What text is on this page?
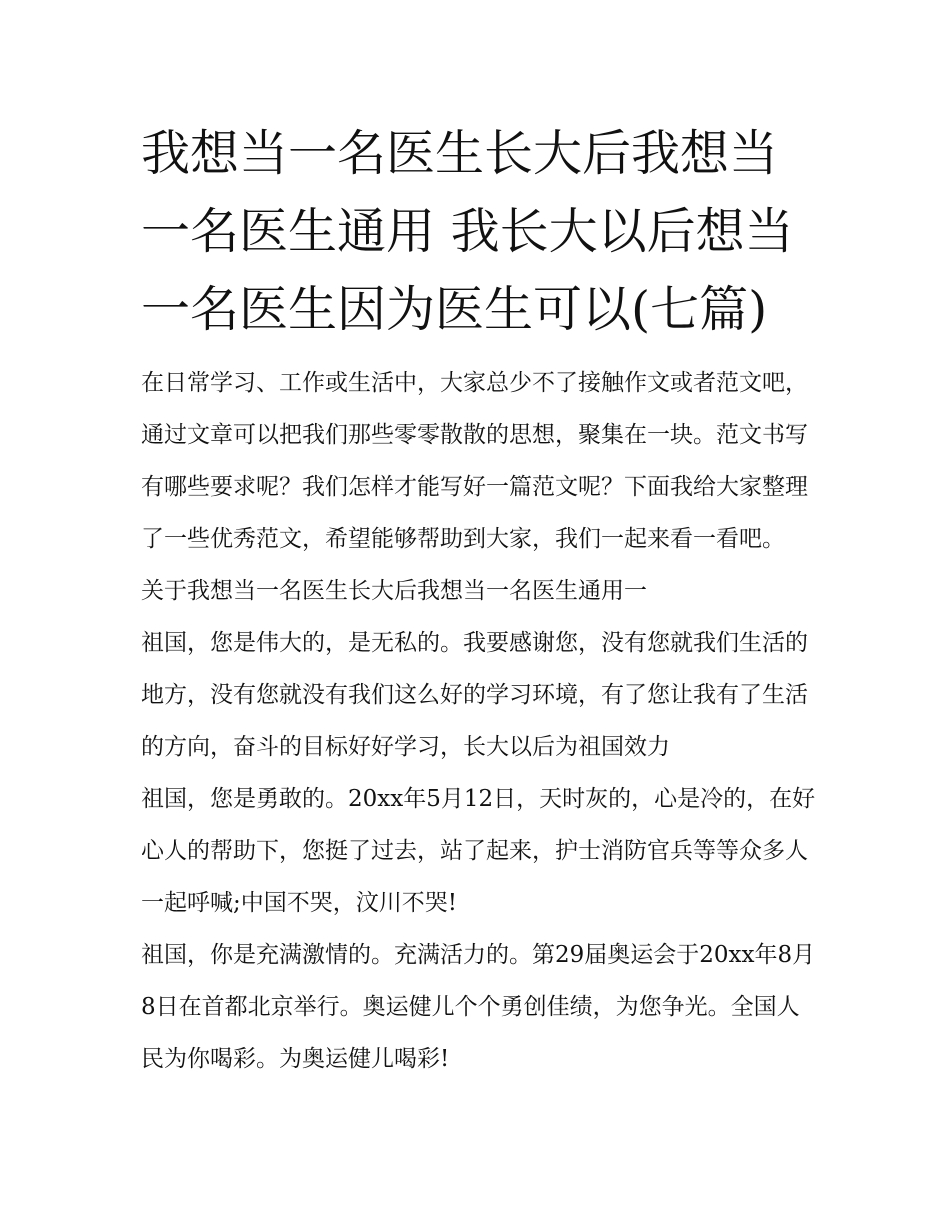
我想当一名医生长大后我想当一名医生通用 我长大以后想当一名医生因为医生可以(七篇)

在日常学习、工作或生活中，大家总少不了接触作文或者范文吧，通过文章可以把我们那些零零散散的思想，聚集在一块。范文书写有哪些要求呢？我们怎样才能写好一篇范文呢？下面我给大家整理了一些优秀范文，希望能够帮助到大家，我们一起来看一看吧。

关于我想当一名医生长大后我想当一名医生通用一

祖国，您是伟大的，是无私的。我要感谢您，没有您就我们生活的地方，没有您就没有我们这么好的学习环境，有了您让我有了生活的方向，奋斗的目标好好学习，长大以后为祖国效力

祖国，您是勇敢的。20xx年5月12日，天时灰的，心是冷的，在好心人的帮助下，您挺了过去，站了起来，护士消防官兵等等众多人一起呼喊;中国不哭，汶川不哭!

祖国，你是充满激情的。充满活力的。第29届奥运会于20xx年8月8日在首都北京举行。奥运健儿个个勇创佳绩，为您争光。全国人民为你喝彩。为奥运健儿喝彩!
